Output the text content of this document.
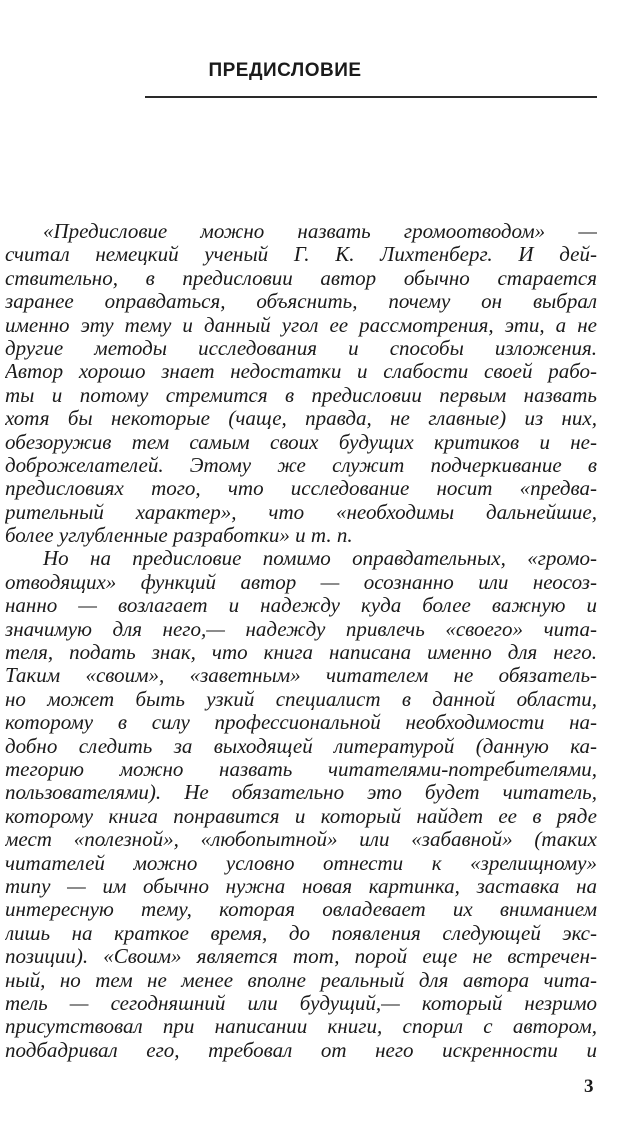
ПРЕДИСЛОВИЕ
«Предисловие можно назвать громоотводом» —
считал немецкий ученый Г. К. Лихтенберг. И дей-
ствительно, в предисловии автор обычно старается
заранее оправдаться, объяснить, почему он выбрал
именно эту тему и данный угол ее рассмотрения, эти, а не
другие методы исследования и способы изложения.
Автор хорошо знает недостатки и слабости своей рабо-
ты и потому стремится в предисловии первым назвать
хотя бы некоторые (чаще, правда, не главные) из них,
обезоружив тем самым своих будущих критиков и не-
доброжелателей. Этому же служит подчеркивание в
предисловиях того, что исследование носит «предва-
рительный характер», что «необходимы дальнейшие,
более углубленные разработки» и т. п.
Но на предисловие помимо оправдательных, «громо-
отводящих» функций автор — осознанно или неосоз-
нанно — возлагает и надежду куда более важную и
значимую для него,— надежду привлечь «своего» чита-
теля, подать знак, что книга написана именно для него.
Таким «своим», «заветным» читателем не обязатель-
но может быть узкий специалист в данной области,
которому в силу профессиональной необходимости на-
добно следить за выходящей литературой (данную ка-
тегорию можно назвать читателями-потребителями,
пользователями). Не обязательно это будет читатель,
которому книга понравится и который найдет ее в ряде
мест «полезной», «любопытной» или «забавной» (таких
читателей можно условно отнести к «зрелищному»
типу — им обычно нужна новая картинка, заставка на
интересную тему, которая овладевает их вниманием
лишь на краткое время, до появления следующей экс-
позиции). «Своим» является тот, порой еще не встречен-
ный, но тем не менее вполне реальный для автора чита-
тель — сегодняшний или будущий,— который незримо
присутствовал при написании книги, спорил с автором,
подбадривал его, требовал от него искренности и
3
